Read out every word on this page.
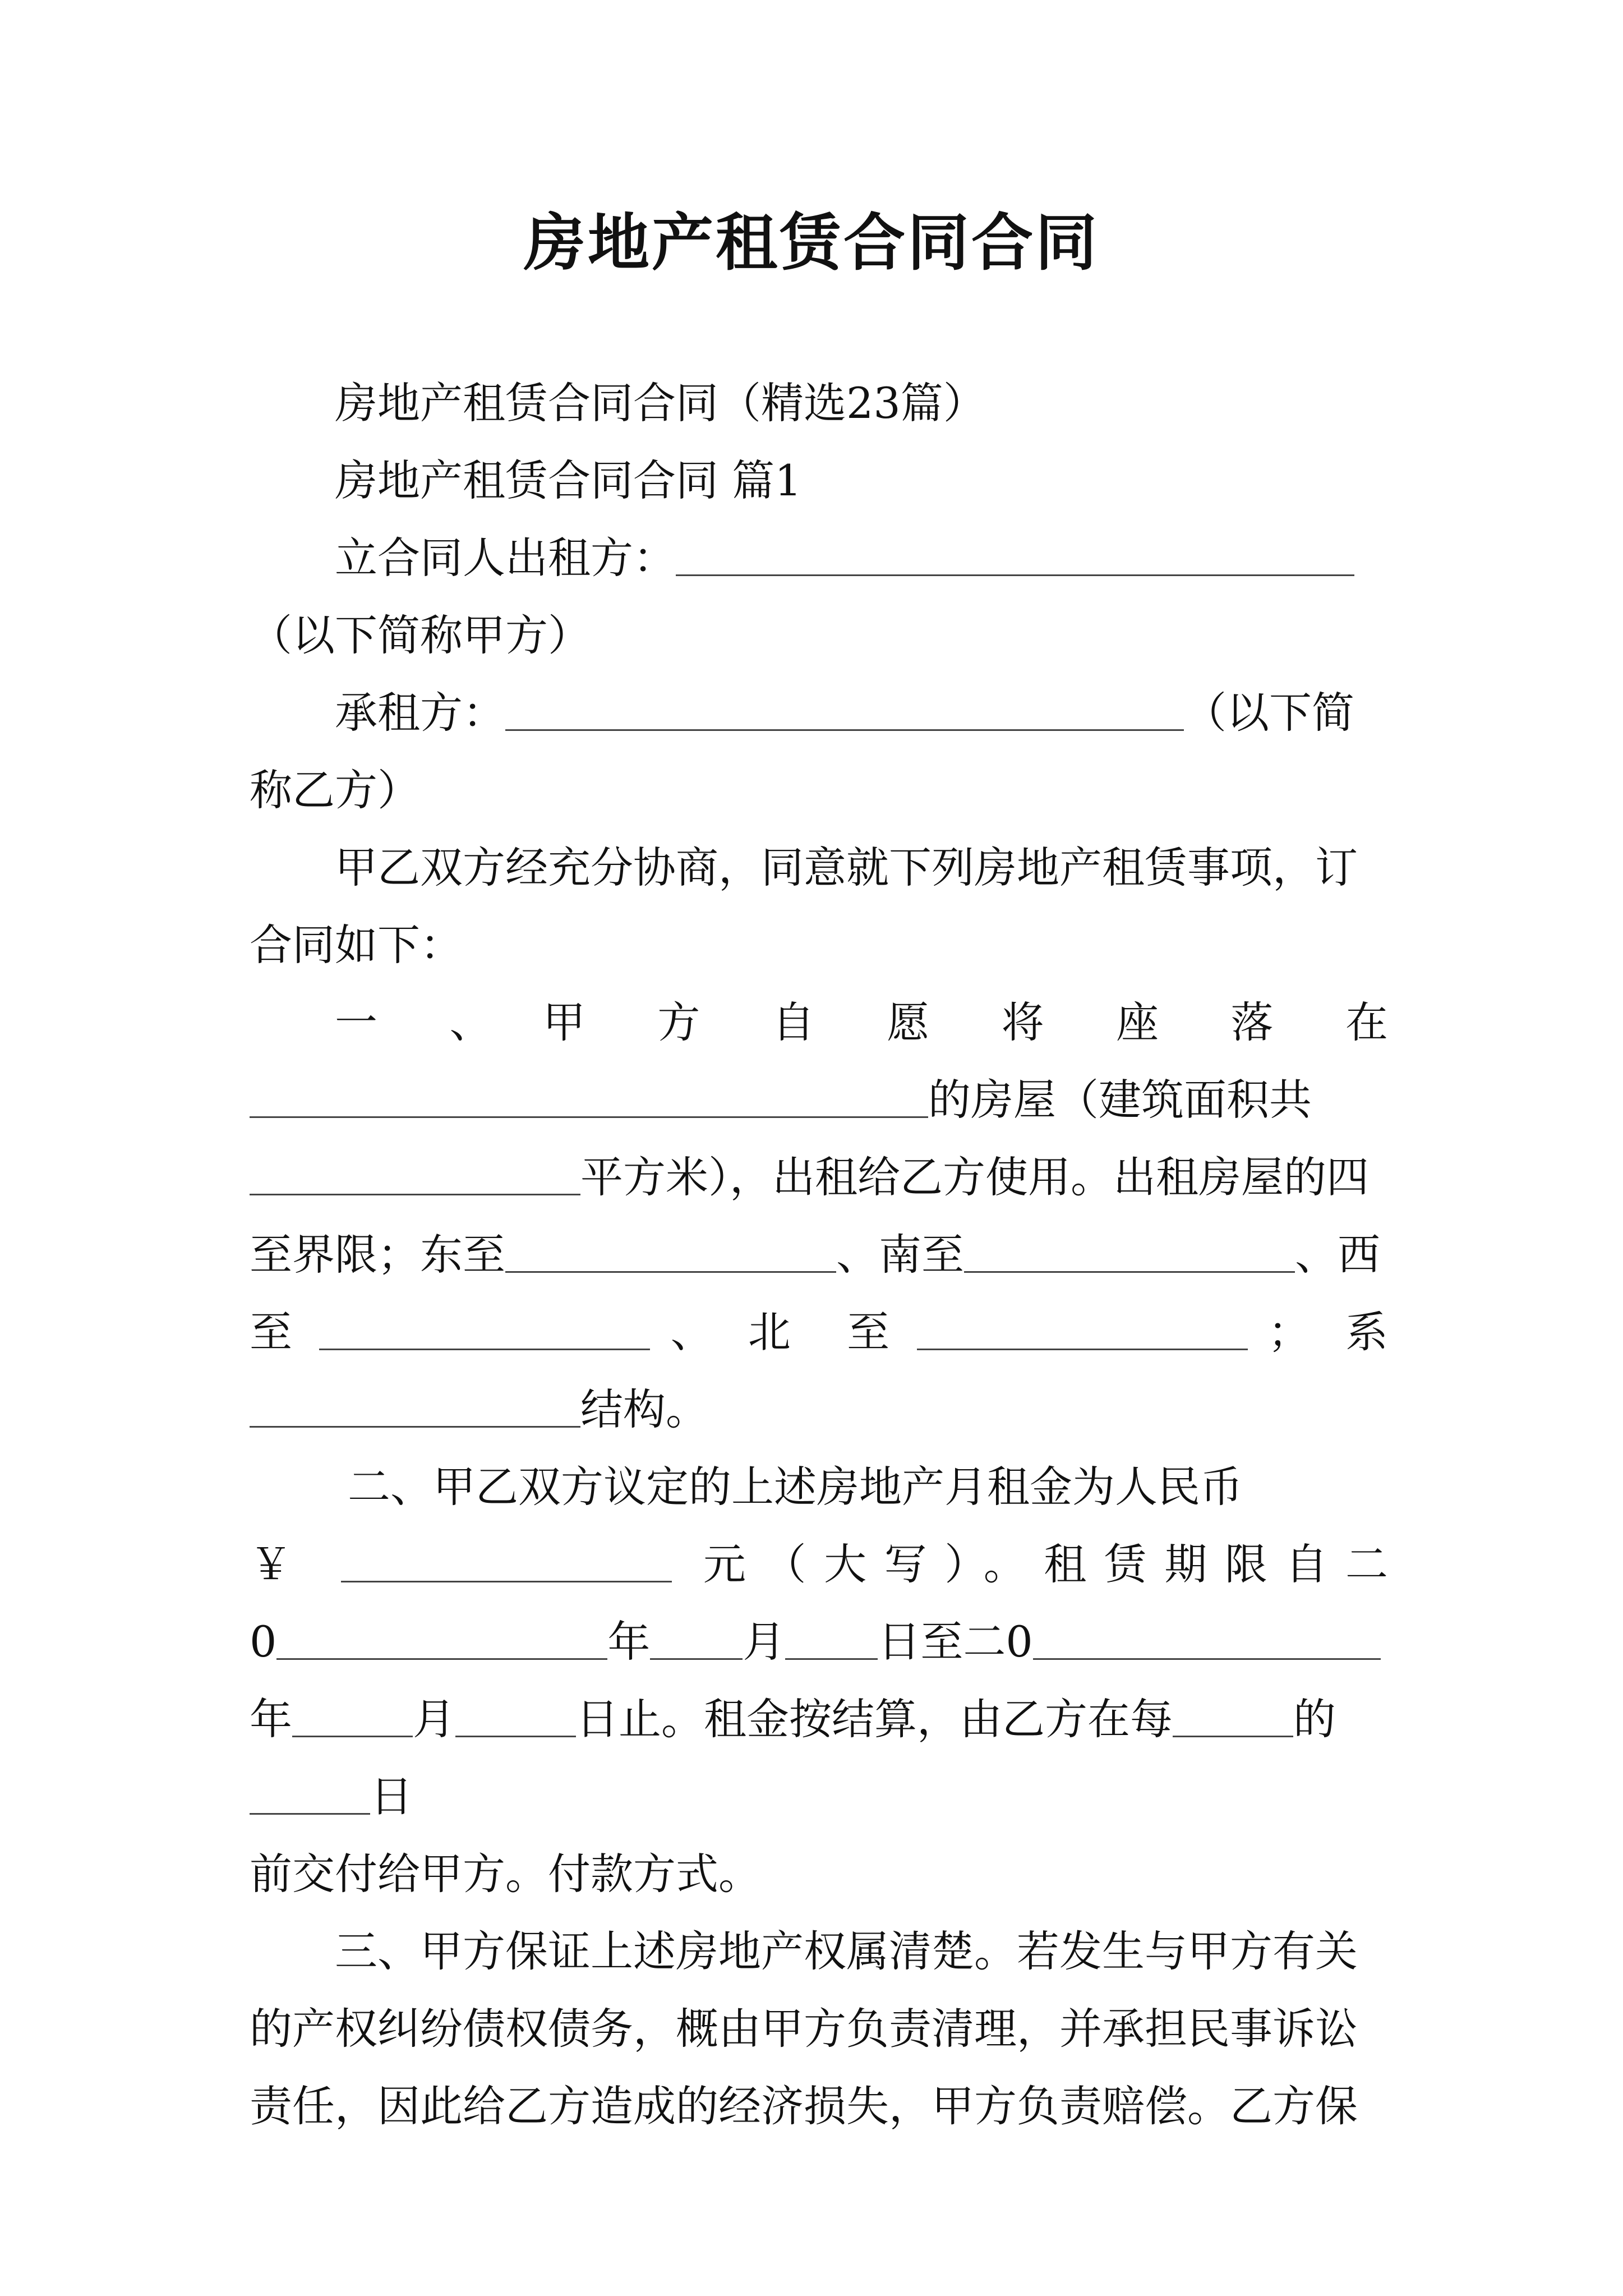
房地产租赁合同合同

房地产租赁合同合同（精选23篇）

房地产租赁合同合同 篇1

立合同人出租方：

（以下简称甲方）

承租方：	（以下简

称乙方）

甲乙双方经充分协商，同意就下列房地产租赁事项，订

合同如下：

一　、　甲　方　自　愿　将　座　落　在

的房屋（建筑面积共

平方米），出租给乙方使用。出租房屋的四

至界限；东至	、南至	、西

至	、　北　至	；　系

结构。

二、甲乙双方议定的上述房地产月租金为人民币

￥	元（大写）。租赁期限自二

0	年 月 日至二0

年	月	日止。租金按结算，由乙方在每	的日

前交付给甲方。付款方式。

三、甲方保证上述房地产权属清楚。若发生与甲方有关

的产权纠纷债权债务，概由甲方负责清理，并承担民事诉讼

责任，因此给乙方造成的经济损失，甲方负责赔偿。乙方保
